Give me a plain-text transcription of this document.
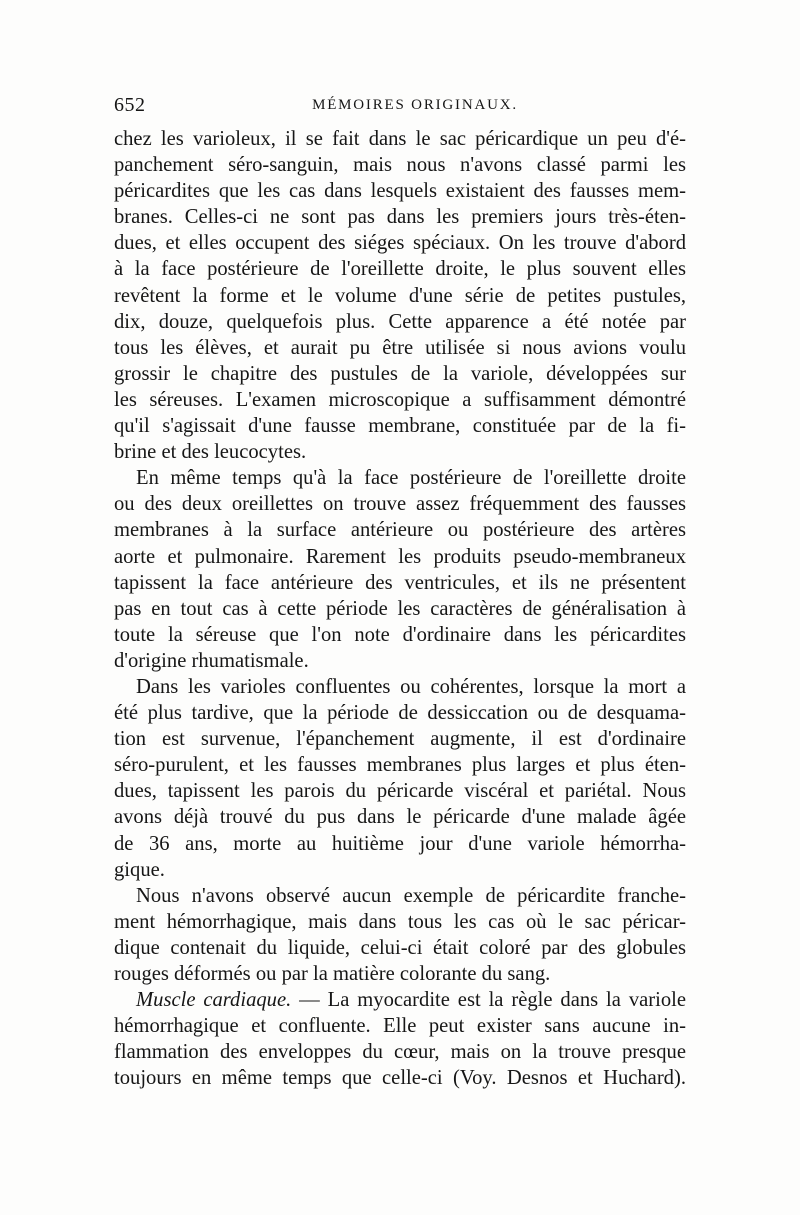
652	MÉMOIRES ORIGINAUX.
chez les varioleux, il se fait dans le sac péricardique un peu d'é-
panchement séro-sanguin, mais nous n'avons classé parmi les
péricardites que les cas dans lesquels existaient des fausses mem-
branes. Celles-ci ne sont pas dans les premiers jours très-éten-
dues, et elles occupent des siéges spéciaux. On les trouve d'abord
à la face postérieure de l'oreillette droite, le plus souvent elles
revêtent la forme et le volume d'une série de petites pustules,
dix, douze, quelquefois plus. Cette apparence a été notée par
tous les élèves, et aurait pu être utilisée si nous avions voulu
grossir le chapitre des pustules de la variole, développées sur
les séreuses. L'examen microscopique a suffisamment démontré
qu'il s'agissait d'une fausse membrane, constituée par de la fi-
brine et des leucocytes.
En même temps qu'à la face postérieure de l'oreillette droite
ou des deux oreillettes on trouve assez fréquemment des fausses
membranes à la surface antérieure ou postérieure des artères
aorte et pulmonaire. Rarement les produits pseudo-membraneux
tapissent la face antérieure des ventricules, et ils ne présentent
pas en tout cas à cette période les caractères de généralisation à
toute la séreuse que l'on note d'ordinaire dans les péricardites
d'origine rhumatismale.
Dans les varioles confluentes ou cohérentes, lorsque la mort a
été plus tardive, que la période de dessiccation ou de desquama-
tion est survenue, l'épanchement augmente, il est d'ordinaire
séro-purulent, et les fausses membranes plus larges et plus éten-
dues, tapissent les parois du péricarde viscéral et pariétal. Nous
avons déjà trouvé du pus dans le péricarde d'une malade âgée
de 36 ans, morte au huitième jour d'une variole hémorrha-
gique.
Nous n'avons observé aucun exemple de péricardite franche-
ment hémorrhagique, mais dans tous les cas où le sac péricar-
dique contenait du liquide, celui-ci était coloré par des globules
rouges déformés ou par la matière colorante du sang.
Muscle cardiaque. — La myocardite est la règle dans la variole
hémorrhagique et confluente. Elle peut exister sans aucune in-
flammation des enveloppes du cœur, mais on la trouve presque
toujours en même temps que celle-ci (Voy. Desnos et Huchard).
